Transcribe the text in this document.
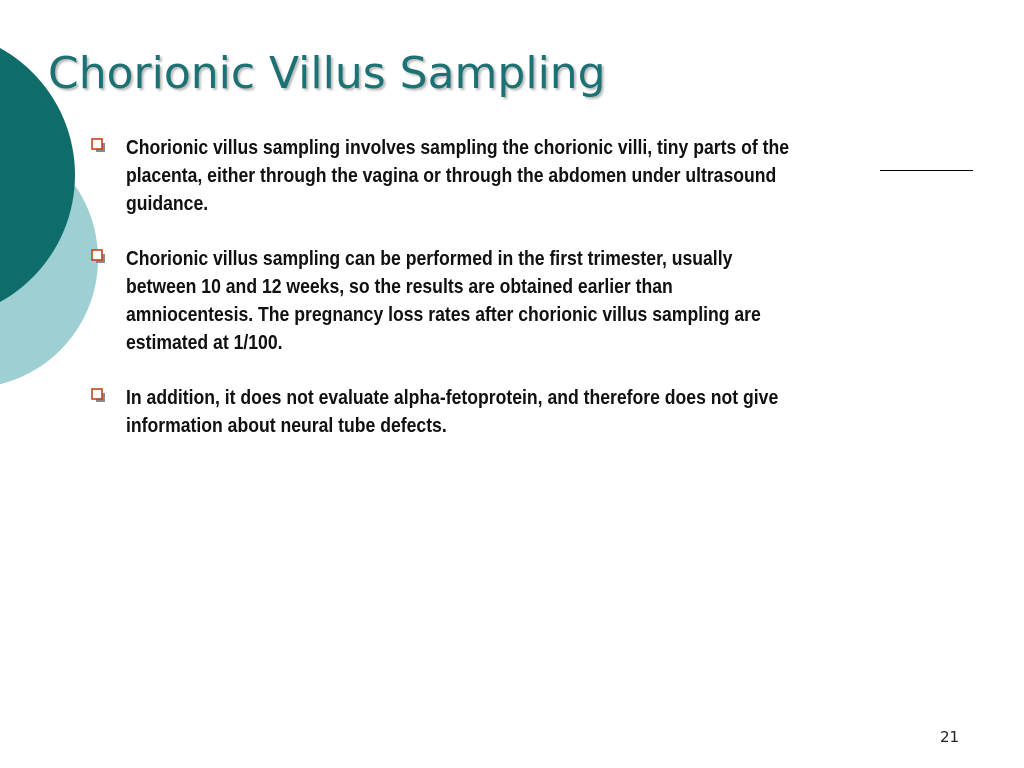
Chorionic Villus Sampling
Chorionic villus sampling involves sampling the chorionic villi, tiny parts of the
placenta, either through the vagina or through the abdomen under ultrasound
guidance.
Chorionic villus sampling can be performed in the first trimester, usually
between 10 and 12 weeks, so the results are obtained earlier than
amniocentesis. The pregnancy loss rates after chorionic villus sampling are
estimated at 1/100.
In addition, it does not evaluate alpha-fetoprotein, and therefore does not give
information about neural tube defects.
21
